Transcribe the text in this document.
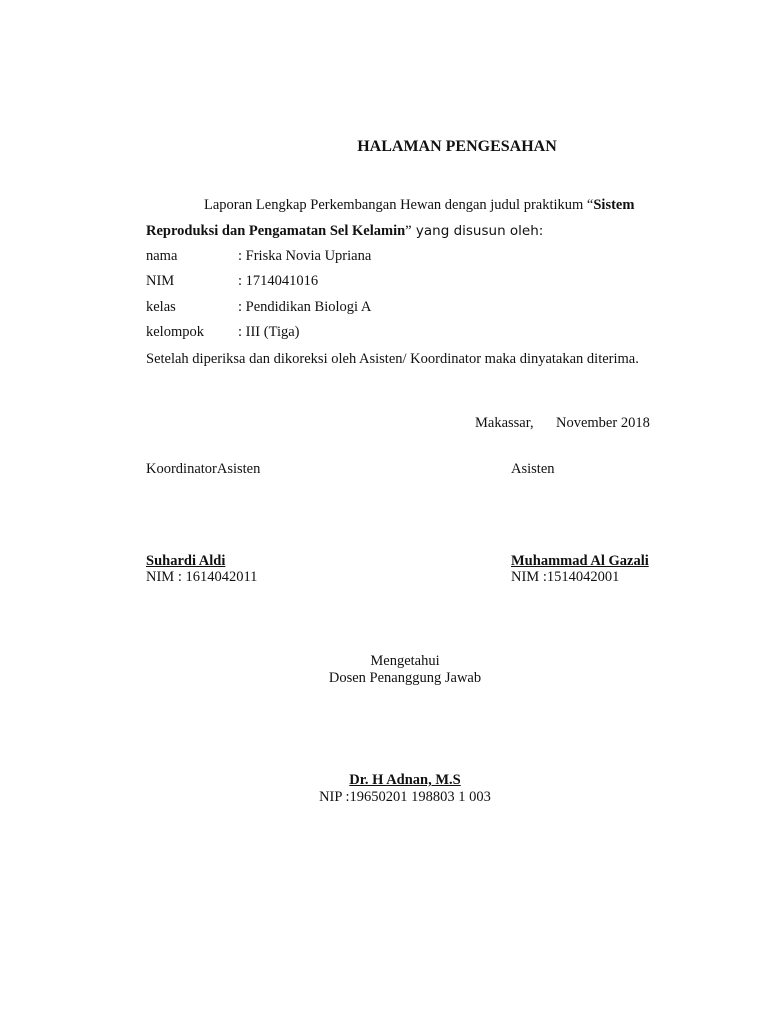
HALAMAN PENGESAHAN
Laporan Lengkap Perkembangan Hewan dengan judul praktikum “Sistem
Reproduksi dan Pengamatan Sel Kelamin” yang disusun oleh:
nama	: Friska Novia Upriana
NIM	: 1714041016
kelas	: Pendidikan Biologi A
kelompok : III (Tiga)
Setelah diperiksa dan dikoreksi oleh Asisten/ Koordinator maka dinyatakan diterima.
Makassar, November 2018
KoordinatorAsisten	Asisten
Suhardi Aldi
NIM : 1614042011
Muhammad Al Gazali
NIM :1514042001
Mengetahui
Dosen Penanggung Jawab
Dr. H Adnan, M.S
NIP :19650201 198803 1 003
